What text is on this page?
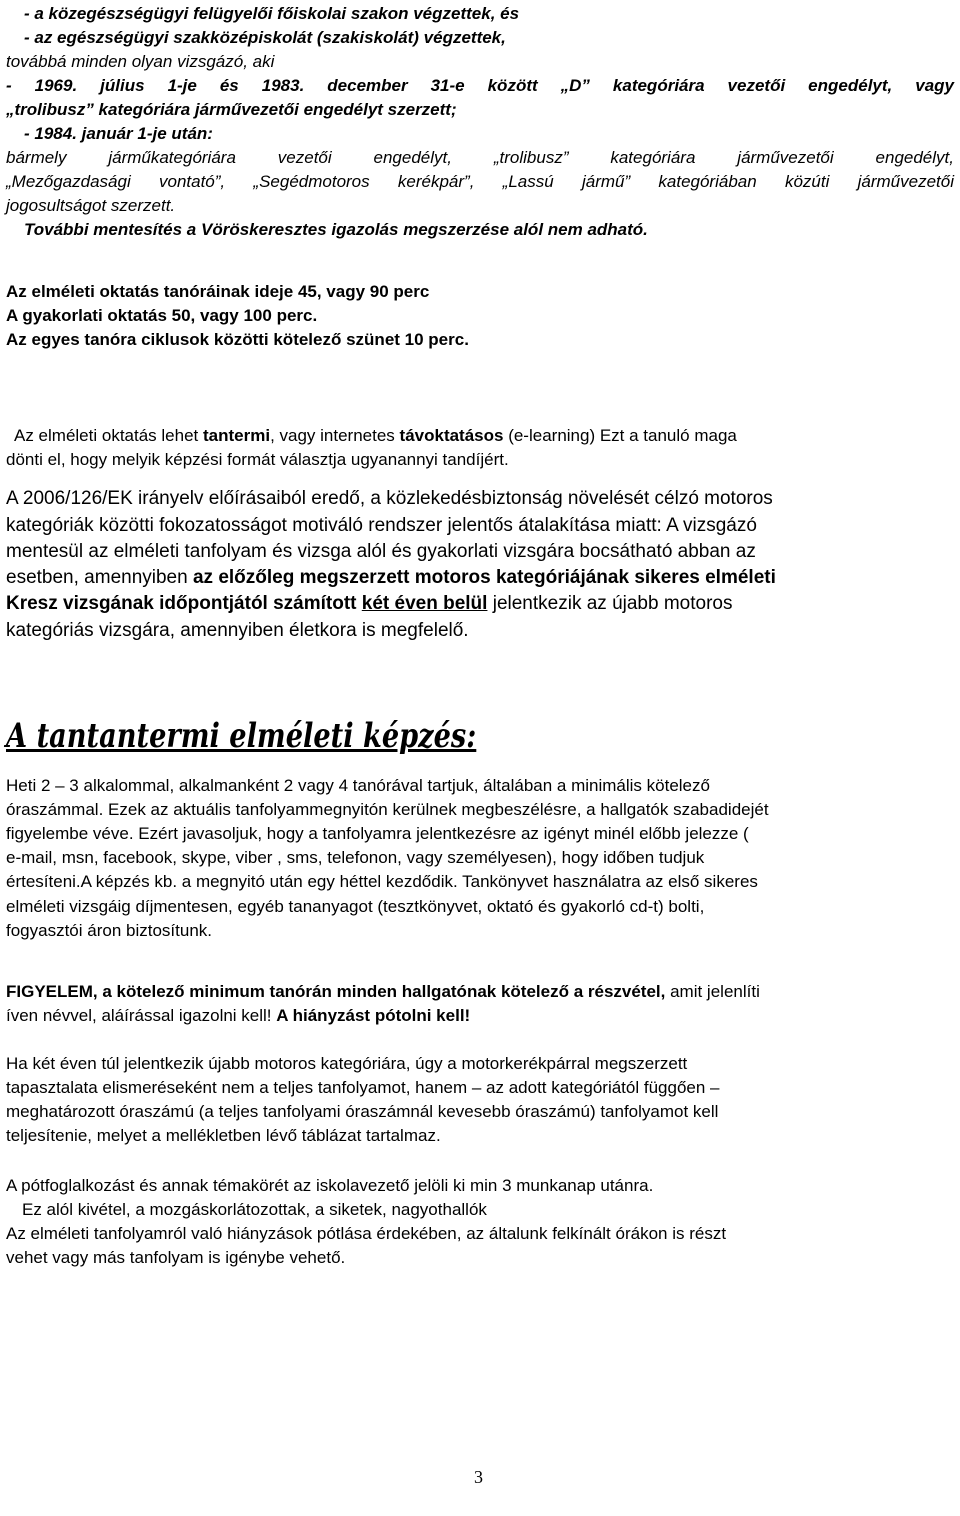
- a közegészségügyi felügyelői főiskolai szakon végzettek, és
- az egészségügyi szakközépiskolát (szakiskolát) végzettek,
továbbá minden olyan vizsgázó, aki
- 1969. július 1-je és 1983. december 31-e között „D” kategóriára vezetői engedélyt, vagy
„trolibusz” kategóriára járművezetői engedélyt szerzett;
- 1984. január 1-je után:
bármely járműkategóriára vezetői engedélyt, „trolibusz” kategóriára járművezetői engedélyt,
„Mezőgazdasági vontató”, „Segédmotoros kerékpár”, „Lassú jármű” kategóriában közúti járművezetői
jogosultságot szerzett.
További mentesítés a Vöröskeresztes igazolás megszerzése alól nem adható.
Az elméleti oktatás tanóráinak ideje 45, vagy 90 perc
A gyakorlati oktatás 50, vagy 100 perc.
Az egyes tanóra ciklusok közötti kötelező szünet 10 perc.
Az elméleti oktatás lehet tantermi, vagy internetes távoktatásos (e-learning) Ezt a tanuló maga
dönti el, hogy melyik képzési formát választja ugyanannyi tandíjért.
A 2006/126/EK irányelv előírásaiból eredő, a közlekedésbiztonság növelését célzó motoros
kategóriák közötti fokozatosságot motiváló rendszer jelentős átalakítása miatt: A vizsgázó
mentesül az elméleti tanfolyam és vizsga alól és gyakorlati vizsgára bocsátható abban az
esetben, amennyiben az előzőleg megszerzett motoros kategóriájának sikeres elméleti
Kresz vizsgának időpontjától számított két éven belül jelentkezik az újabb motoros
kategóriás vizsgára, amennyiben életkora is megfelelő.
A tantantermi elméleti képzés:
Heti 2 – 3 alkalommal, alkalmanként 2 vagy 4 tanórával tartjuk, általában a minimális kötelező
óraszámmal. Ezek az aktuális tanfolyammegnyitón kerülnek megbeszélésre, a hallgatók szabadidejét
figyelembe véve. Ezért javasoljuk, hogy a tanfolyamra jelentkezésre az igényt minél előbb jelezze (
e-mail, msn, facebook, skype, viber , sms, telefonon, vagy személyesen), hogy időben tudjuk
értesíteni.A képzés kb. a megnyitó után egy héttel kezdődik. Tankönyvet használatra az első sikeres
elméleti vizsgáig díjmentesen, egyéb tananyagot (tesztkönyvet, oktató és gyakorló cd-t) bolti,
fogyasztói áron biztosítunk.
FIGYELEM, a kötelező minimum tanórán minden hallgatónak kötelező a részvétel, amit jelenlíti
íven névvel, aláírással igazolni kell! A hiányzást pótolni kell!
Ha két éven túl jelentkezik újabb motoros kategóriára, úgy a motorkerékpárral megszerzett
tapasztalata elismeréseként nem a teljes tanfolyamot, hanem – az adott kategóriától függően –
meghatározott óraszámú (a teljes tanfolyami óraszámnál kevesebb óraszámú) tanfolyamot kell
teljesítenie, melyet a mellékletben lévő táblázat tartalmaz.
A pótfoglalkozást és annak témakörét az iskolavezető jelöli ki min 3 munkanap utánra.
Ez alól kivétel, a mozgáskorlátozottak, a siketek, nagyothallók
Az elméleti tanfolyamról való hiányzások pótlása érdekében, az általunk felkínált órákon is részt
vehet vagy más tanfolyam is igénybe vehető.
3
